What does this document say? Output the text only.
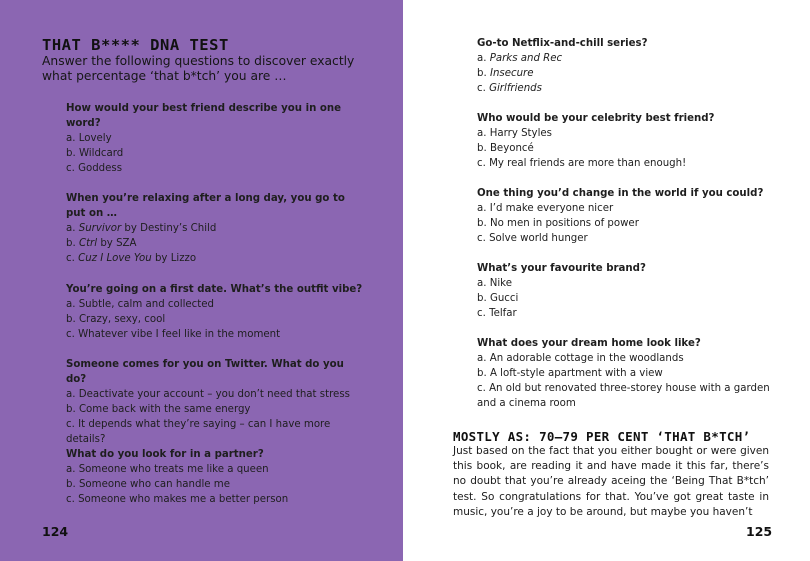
THAT B**** DNA TEST
Answer the following questions to discover exactly what percentage ‘that b*tch’ you are …
How would your best friend describe you in one word?
a. Lovely
b. Wildcard
c. Goddess
When you’re relaxing after a long day, you go to put on …
a. Survivor by Destiny’s Child
b. Ctrl by SZA
c. Cuz I Love You by Lizzo
You’re going on a first date. What’s the outfit vibe?
a. Subtle, calm and collected
b. Crazy, sexy, cool
c. Whatever vibe I feel like in the moment
Someone comes for you on Twitter. What do you do?
a. Deactivate your account – you don’t need that stress
b. Come back with the same energy
c. It depends what they’re saying – can I have more details?
What do you look for in a partner?
a. Someone who treats me like a queen
b. Someone who can handle me
c. Someone who makes me a better person
124
Go-to Netflix-and-chill series?
a. Parks and Rec
b. Insecure
c. Girlfriends
Who would be your celebrity best friend?
a. Harry Styles
b. Beyoncé
c. My real friends are more than enough!
One thing you’d change in the world if you could?
a. I’d make everyone nicer
b. No men in positions of power
c. Solve world hunger
What’s your favourite brand?
a. Nike
b. Gucci
c. Telfar
What does your dream home look like?
a. An adorable cottage in the woodlands
b. A loft-style apartment with a view
c. An old but renovated three-storey house with a garden and a cinema room
MOSTLY AS: 70–79 PER CENT ‘THAT B*TCH’
Just based on the fact that you either bought or were given this book, are reading it and have made it this far, there’s no doubt that you’re already aceing the ‘Being That B*tch’ test. So congratulations for that. You’ve got great taste in music, you’re a joy to be around, but maybe you haven’t
125
